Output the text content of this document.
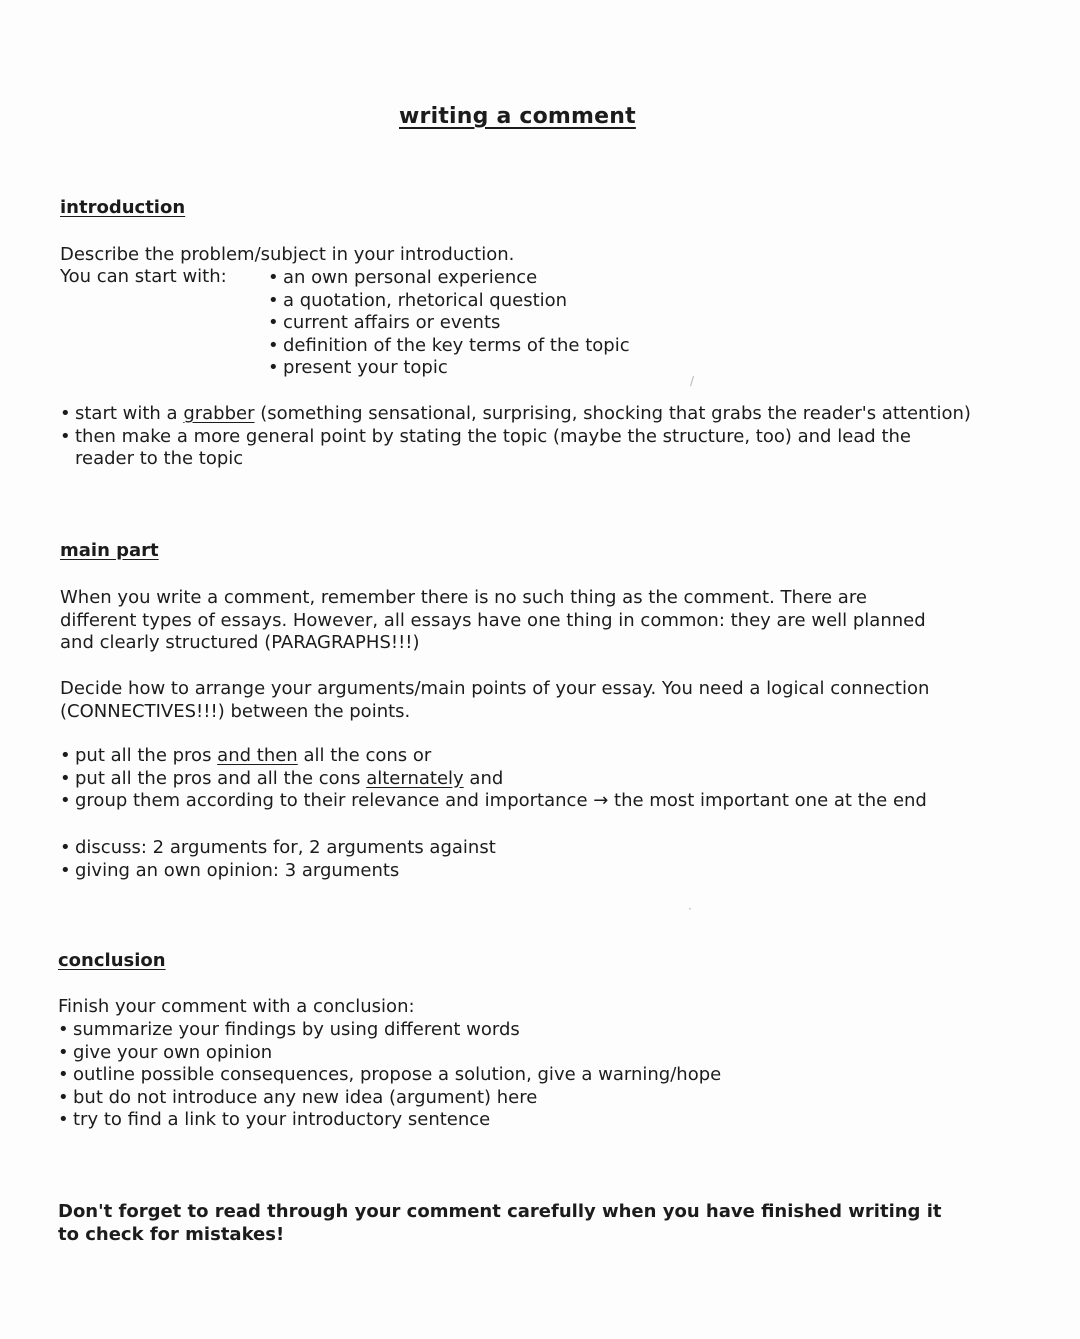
writing a comment
introduction
Describe the problem/subject in your introduction.
You can start with:
•	an own personal experience
• a quotation, rhetorical question
• current affairs or events
• definition of the key terms of the topic
• present your topic
• start with a grabber (something sensational, surprising, shocking that grabs the reader's attention)
• then make a more general point by stating the topic (maybe the structure, too) and lead the
reader to the topic
/
main part
When you write a comment, remember there is no such thing as the comment. There are different types of essays. However, all essays have one thing in common: they are well planned and clearly structured (PARAGRAPHS!!!)
Decide how to arrange your arguments/main points of your essay. You need a logical connection (CONNECTIVES!!!) between the points.
• put all the pros and then all the cons or
• put all the pros and all the cons alternately and
• group them according to their relevance and importance → the most important one at the end
• discuss: 2 arguments for, 2 arguments against
• giving an own opinion: 3 arguments
·
conclusion
Finish your comment with a conclusion:
• summarize your findings by using different words
• give your own opinion
• outline possible consequences, propose a solution, give a warning/hope
• but do not introduce any new idea (argument) here
• try to find a link to your introductory sentence
Don't forget to read through your comment carefully when you have finished writing it to check for mistakes!
